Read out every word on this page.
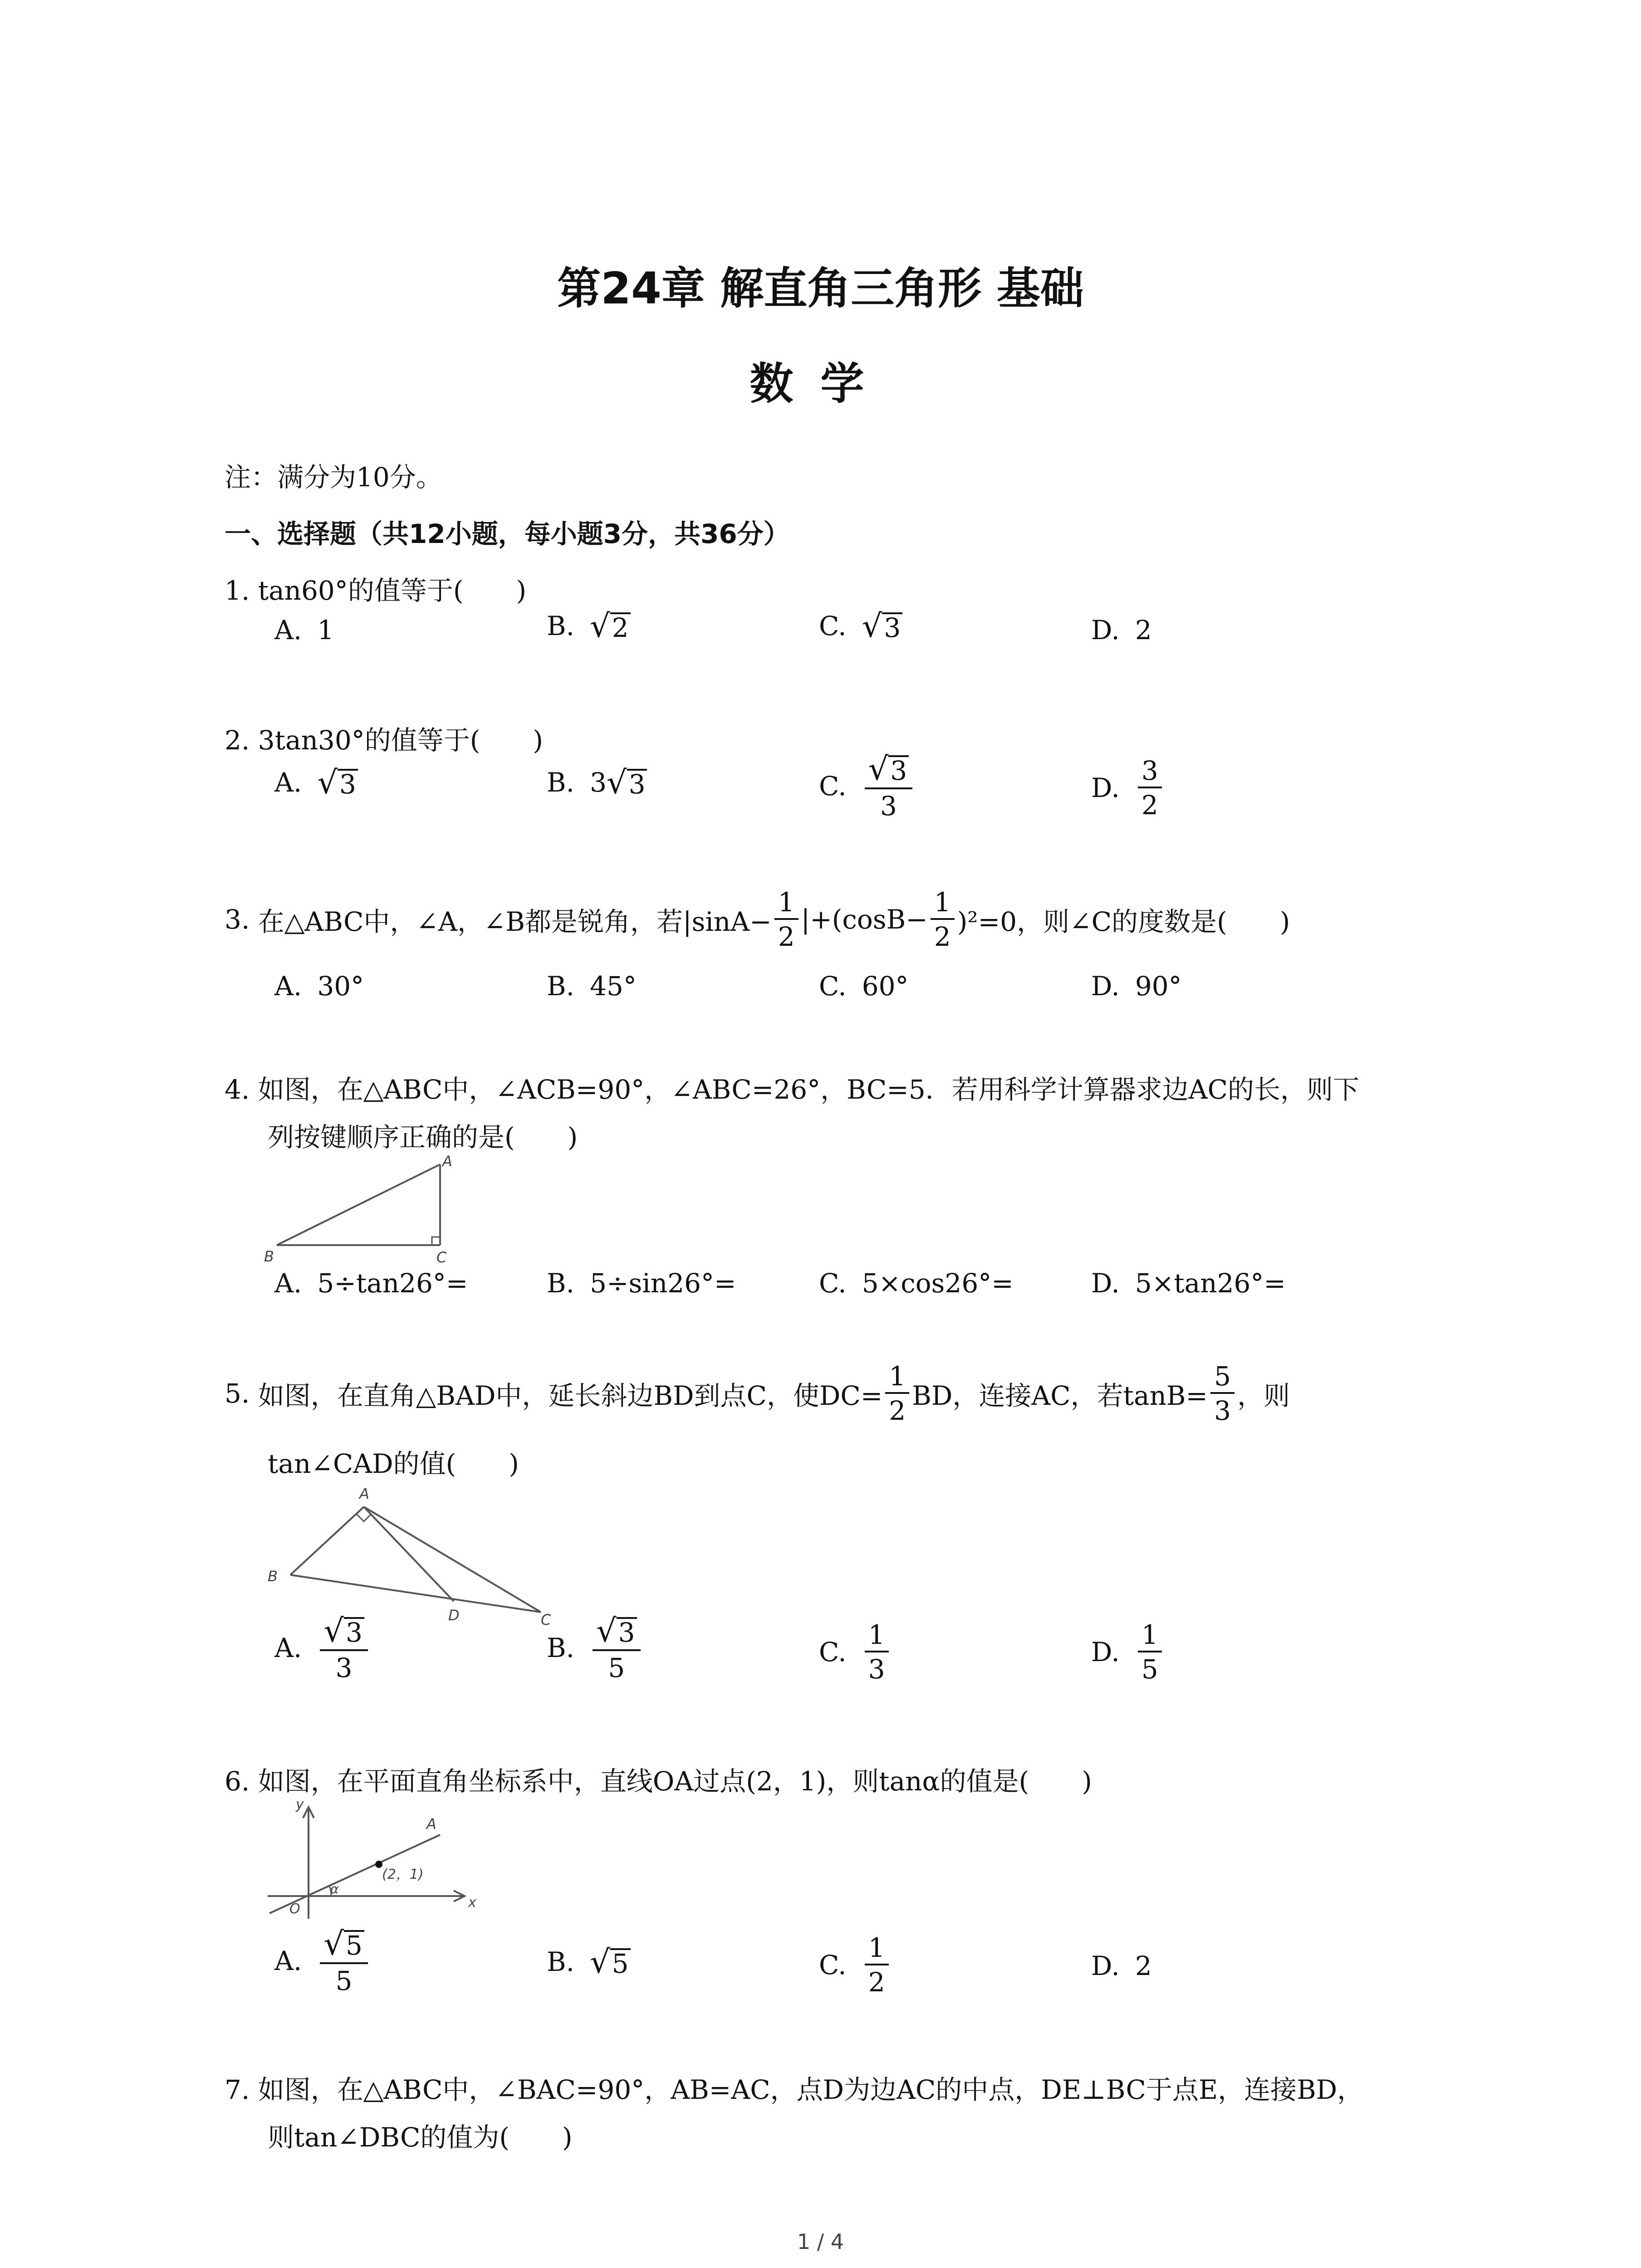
第24章 解直角三角形 基础
数学
注：满分为10分。
一、选择题（共12小题，每小题3分，共36分）
1. tan60°的值等于(　　)
A. 1	B. √ 2	C. √ 3	D. 2
2. 3tan30°的值等于(　　)
A. √ 3	B. 3 √ 3	C. $\frac{√ 3}{3}$	D. $\frac{3}{2}$
3.
在△ABC中，∠A，∠B都是锐角，若$|\sin A- \frac{1}{2} |+(\cos B- \frac{1}{2} )^2=0$，则∠C的度数是(　　)
A. 30°	B. 45°	C. 60°	D. 90°
4. 如图，在△ABC中，∠ACB=90°，∠ABC=26°，BC=5．若用科学计算器求边AC的长，则下
列按键顺序正确的是(　　)
A
B	C
A. 5÷tan26°=	B. 5÷sin26°=	C. 5×cos26°=	D. 5×tan26°=
5.
如图，在直角△BAD中，延长斜边BD到点C，使$DC= \frac{1}{2}$ BD，连接AC，若$\tan B= \frac{5}{3}$ ，则
tan∠CAD的值(　　)
A
B
D	C
A. $\frac{√ 3}{3}$	B. $\frac{√ 3}{5}$	C. $\frac{1}{3}$	D. $\frac{1}{5}$
6. 如图，在平面直角坐标系中，直线OA过点(2，1)，则tanα的值是(　　)
y
x
O
A
α
(2，1)
A. $\frac{√ 5}{5}$	B. √ 5	C. $\frac{1}{2}$	D. 2
7. 如图，在△ABC中，∠BAC=90°，AB=AC，点D为边AC的中点，DE⊥BC于点E，连接BD，
则tan∠DBC的值为(　　)
1 / 4
